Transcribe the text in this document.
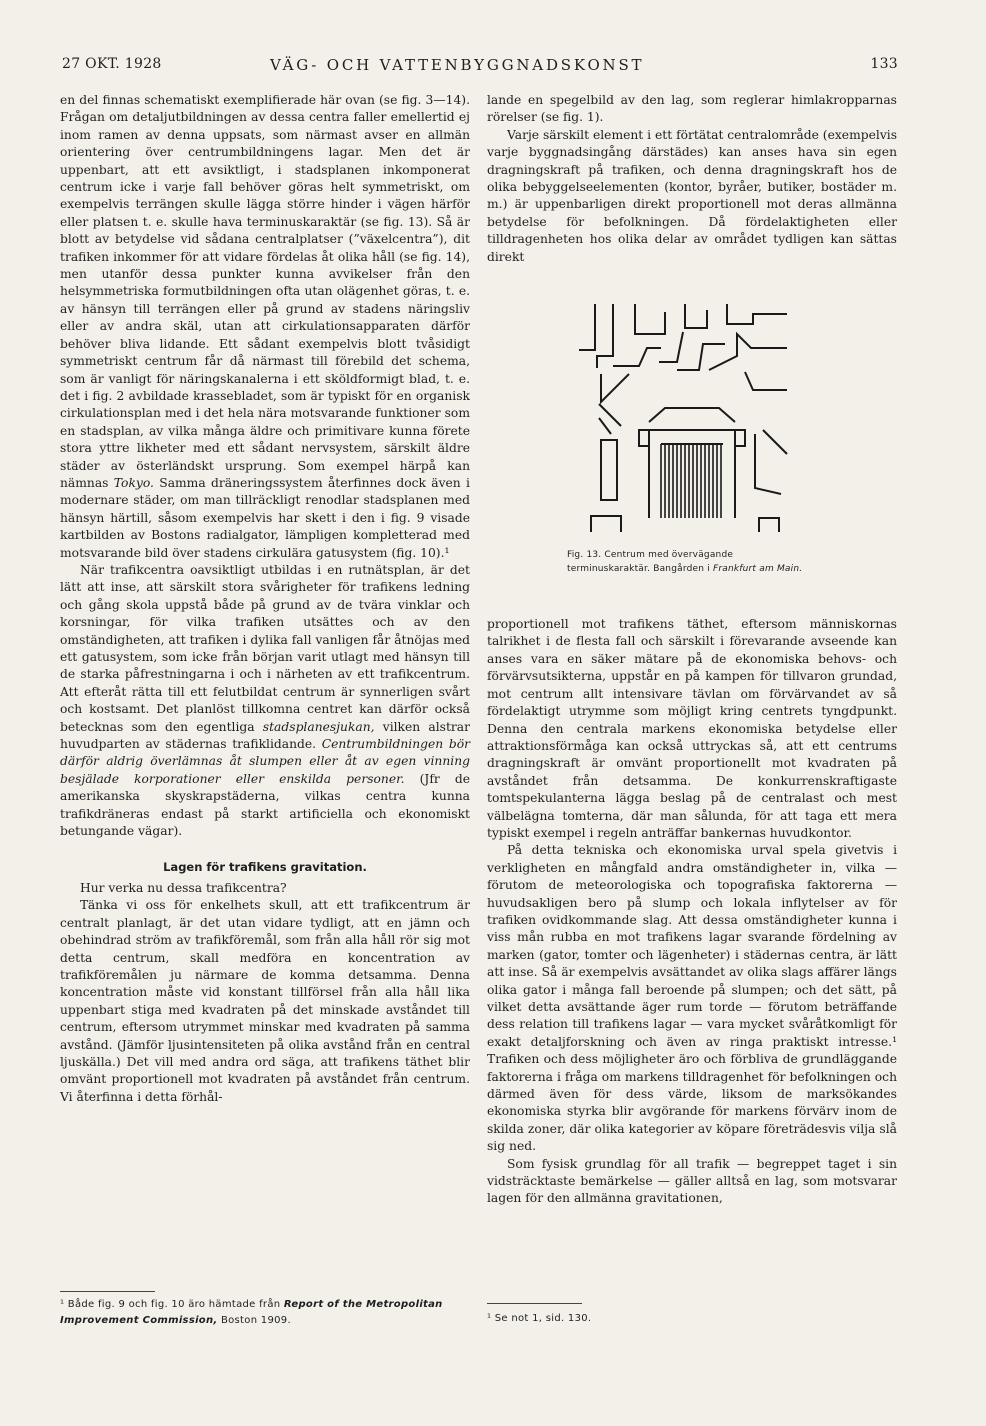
27 OKT. 1928	VÄG- OCH VATTENBYGGNADSKONST	133

en del finnas schematiskt exemplifierade här ovan (se fig. 3—14). Frågan om detaljutbildningen av dessa centra faller emellertid ej inom ramen av denna uppsats, som närmast avser en allmän orientering över centrumbildningens lagar. Men det är uppenbart, att ett avsiktligt, i stadsplanen inkomponerat centrum icke i varje fall behöver göras helt symmetriskt, om exempelvis terrängen skulle lägga större hinder i vägen härför eller platsen t. e. skulle hava terminuskaraktär (se fig. 13). Så är blott av betydelse vid sådana centralplatser (”växelcentra”), dit trafiken inkommer för att vidare fördelas åt olika håll (se fig. 14), men utanför dessa punkter kunna avvikelser från den helsymmetriska formutbildningen ofta utan olägenhet göras, t. e. av hänsyn till terrängen eller på grund av stadens näringsliv eller av andra skäl, utan att cirkulationsapparaten därför behöver bliva lidande. Ett sådant exempelvis blott tvåsidigt symmetriskt centrum får då närmast till förebild det schema, som är vanligt för näringskanalerna i ett sköldformigt blad, t. e. det i fig. 2 avbildade krassebladet, som är typiskt för en organisk cirkulationsplan med i det hela nära motsvarande funktioner som en stadsplan, av vilka många äldre och primitivare kunna förete stora yttre likheter med ett sådant nervsystem, särskilt äldre städer av österländskt ursprung. Som exempel härpå kan nämnas Tokyo. Samma dräneringssystem återfinnes dock även i modernare städer, om man tillräckligt renodlar stadsplanen med hänsyn härtill, såsom exempelvis har skett i den i fig. 9 visade kartbilden av Bostons radialgator, lämpligen kompletterad med motsvarande bild över stadens cirkulära gatusystem (fig. 10).¹

När trafikcentra oavsiktligt utbildas i en rutnätsplan, är det lätt att inse, att särskilt stora svårigheter för trafikens ledning och gång skola uppstå både på grund av de tvära vinklar och korsningar, för vilka trafiken utsättes och av den omständigheten, att trafiken i dylika fall vanligen får åtnöjas med ett gatusystem, som icke från början varit utlagt med hänsyn till de starka påfrestningarna i och i närheten av ett trafikcentrum. Att efteråt rätta till ett felutbildat centrum är synnerligen svårt och kostsamt. Det planlöst tillkomna centret kan därför också betecknas som den egentliga stadsplanesjukan, vilken alstrar huvudparten av städernas trafiklidande. Centrumbildningen bör därför aldrig överlämnas åt slumpen eller åt av egen vinning besjälade korporationer eller enskilda personer. (Jfr de amerikanska skyskrapstäderna, vilkas centra kunna trafikdräneras endast på starkt artificiella och ekonomiskt betungande vägar).

Lagen för trafikens gravitation.

Hur verka nu dessa trafikcentra?

Tänka vi oss för enkelhets skull, att ett trafikcentrum är centralt planlagt, är det utan vidare tydligt, att en jämn och obehindrad ström av trafikföremål, som från alla håll rör sig mot detta centrum, skall medföra en koncentration av trafikföremålen ju närmare de komma detsamma. Denna koncentration måste vid konstant tillförsel från alla håll lika uppenbart stiga med kvadraten på det minskade avståndet till centrum, eftersom utrymmet minskar med kvadraten på samma avstånd. (Jämför ljusintensiteten på olika avstånd från en central ljuskälla.) Det vill med andra ord säga, att trafikens täthet blir omvänt proportionell mot kvadraten på avståndet från centrum. Vi återfinna i detta förhål-

lande en spegelbild av den lag, som reglerar himlakropparnas rörelser (se fig. 1).

Varje särskilt element i ett förtätat centralområde (exempelvis varje byggnadsingång därstädes) kan anses hava sin egen dragningskraft på trafiken, och denna dragningskraft hos de olika bebyggelseelementen (kontor, byråer, butiker, bostäder m. m.) är uppenbarligen direkt proportionell mot deras allmänna betydelse för befolkningen. Då fördelaktigheten eller tilldragenheten hos olika delar av området tydligen kan sättas direkt

Fig. 13. Centrum med övervägande terminuskaraktär. Bangården i Frankfurt am Main.

proportionell mot trafikens täthet, eftersom människornas talrikhet i de flesta fall och särskilt i förevarande avseende kan anses vara en säker mätare på de ekonomiska behovs- och förvärvsutsikterna, uppstår en på kampen för tillvaron grundad, mot centrum allt intensivare tävlan om förvärvandet av så fördelaktigt utrymme som möjligt kring centrets tyngdpunkt. Denna den centrala markens ekonomiska betydelse eller attraktionsförmåga kan också uttryckas så, att ett centrums dragningskraft är omvänt proportionellt mot kvadraten på avståndet från detsamma. De konkurrenskraftigaste tomtspekulanterna lägga beslag på de centralast och mest välbelägna tomterna, där man sålunda, för att taga ett mera typiskt exempel i regeln anträffar bankernas huvudkontor.

På detta tekniska och ekonomiska urval spela givetvis i verkligheten en mångfald andra omständigheter in, vilka — förutom de meteorologiska och topografiska faktorerna — huvudsakligen bero på slump och lokala inflytelser av för trafiken ovidkommande slag. Att dessa omständigheter kunna i viss mån rubba en mot trafikens lagar svarande fördelning av marken (gator, tomter och lägenheter) i städernas centra, är lätt att inse. Så är exempelvis avsättandet av olika slags affärer längs olika gator i många fall beroende på slumpen; och det sätt, på vilket detta avsättande äger rum torde — förutom beträffande dess relation till trafikens lagar — vara mycket svåråtkomligt för exakt detaljforskning och även av ringa praktiskt intresse.¹ Trafiken och dess möjligheter äro och förbliva de grundläggande faktorerna i fråga om markens tilldragenhet för befolkningen och därmed även för dess värde, liksom de marksökandes ekonomiska styrka blir avgörande för markens förvärv inom de skilda zoner, där olika kategorier av köpare företrädesvis vilja slå sig ned.

Som fysisk grundlag för all trafik — begreppet taget i sin vidsträcktaste bemärkelse — gäller alltså en lag, som motsvarar lagen för den allmänna gravitationen,

¹ Både fig. 9 och fig. 10 äro hämtade från Report of the Metropolitan Improvement Commission, Boston 1909.	¹ Se not 1, sid. 130.
